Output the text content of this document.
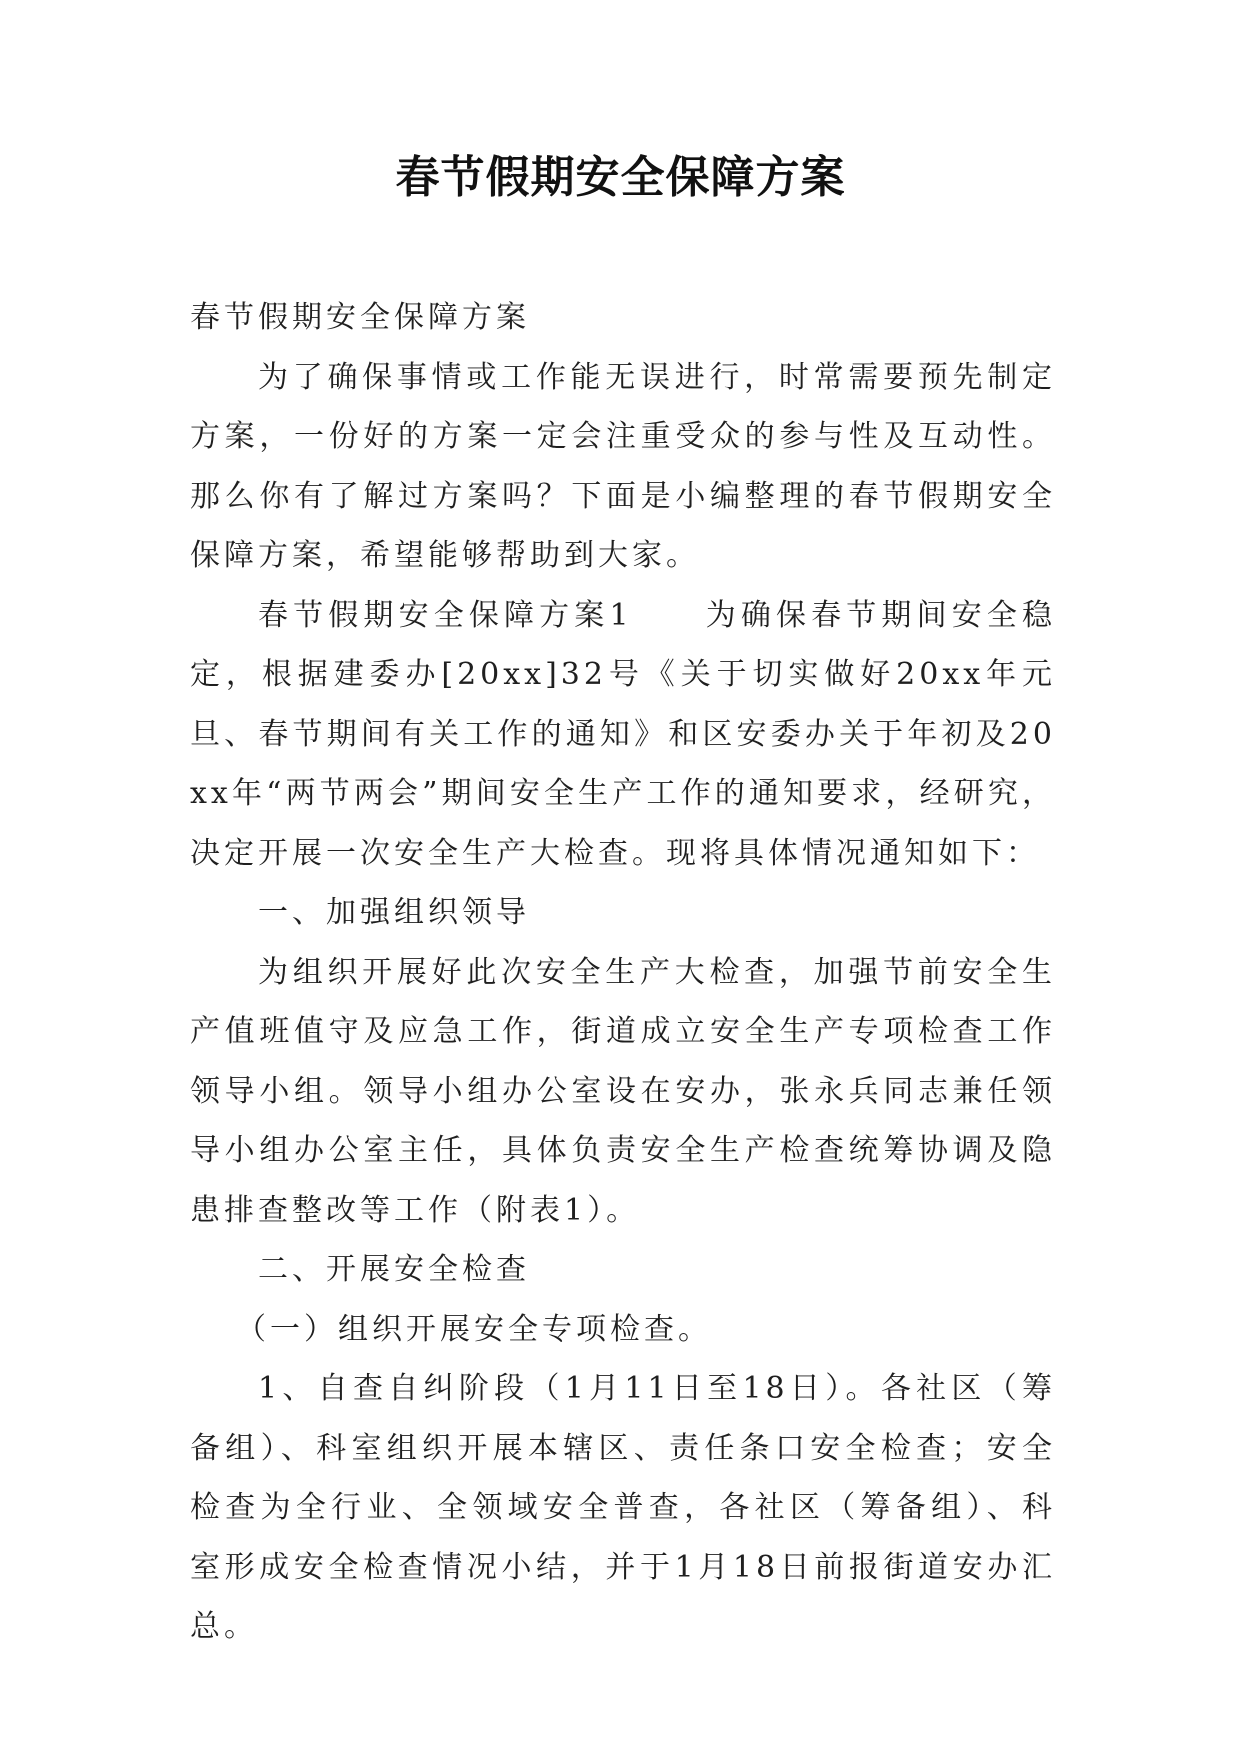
春节假期安全保障方案

春节假期安全保障方案

为了确保事情或工作能无误进行，时常需要预先制定方案，一份好的方案一定会注重受众的参与性及互动性。那么你有了解过方案吗？下面是小编整理的春节假期安全保障方案，希望能够帮助到大家。

春节假期安全保障方案1 为确保春节期间安全稳定，根据建委办[20xx]32号《关于切实做好20xx年元旦、春节期间有关工作的通知》和区安委办关于年初及20xx年“两节两会”期间安全生产工作的通知要求，经研究，决定开展一次安全生产大检查。现将具体情况通知如下：

一、加强组织领导

为组织开展好此次安全生产大检查，加强节前安全生产值班值守及应急工作，街道成立安全生产专项检查工作领导小组。领导小组办公室设在安办，张永兵同志兼任领导小组办公室主任，具体负责安全生产检查统筹协调及隐患排查整改等工作（附表1）。

二、开展安全检查

（一）组织开展安全专项检查。

1、自查自纠阶段（1月11日至18日）。各社区（筹备组）、科室组织开展本辖区、责任条口安全检查；安全检查为全行业、全领域安全普查，各社区（筹备组）、科室形成安全检查情况小结，并于1月18日前报街道安办汇总。
